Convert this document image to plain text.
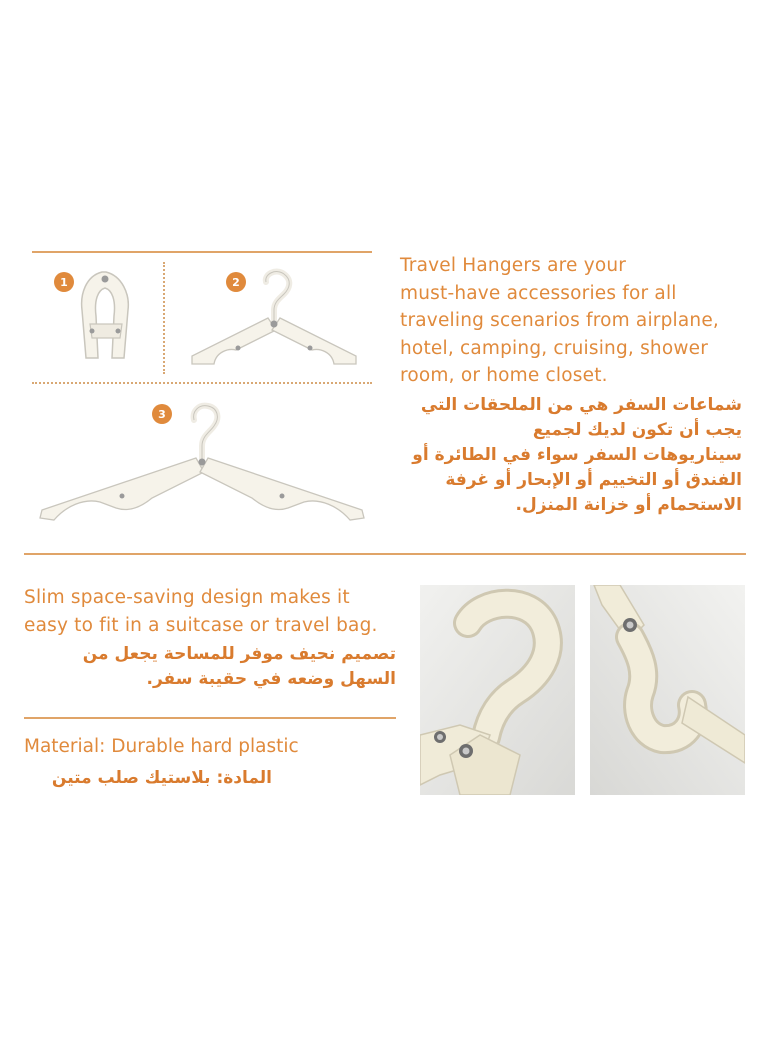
1	2
3
Travel Hangers are your
must-have accessories for all
traveling scenarios from airplane,
hotel, camping, cruising, shower
room, or home closet.
شماعات السفر هي من الملحقات التي
يجب أن تكون لديك لجميع
سيناريوهات السفر سواء في الطائرة أو
الفندق أو التخييم أو الإبحار أو غرفة
الاستحمام أو خزانة المنزل.
Slim space-saving design makes it
easy to fit in a suitcase or travel bag.
تصميم نحيف موفر للمساحة يجعل من
السهل وضعه في حقيبة سفر.
Material: Durable hard plastic
المادة: بلاستيك صلب متين
